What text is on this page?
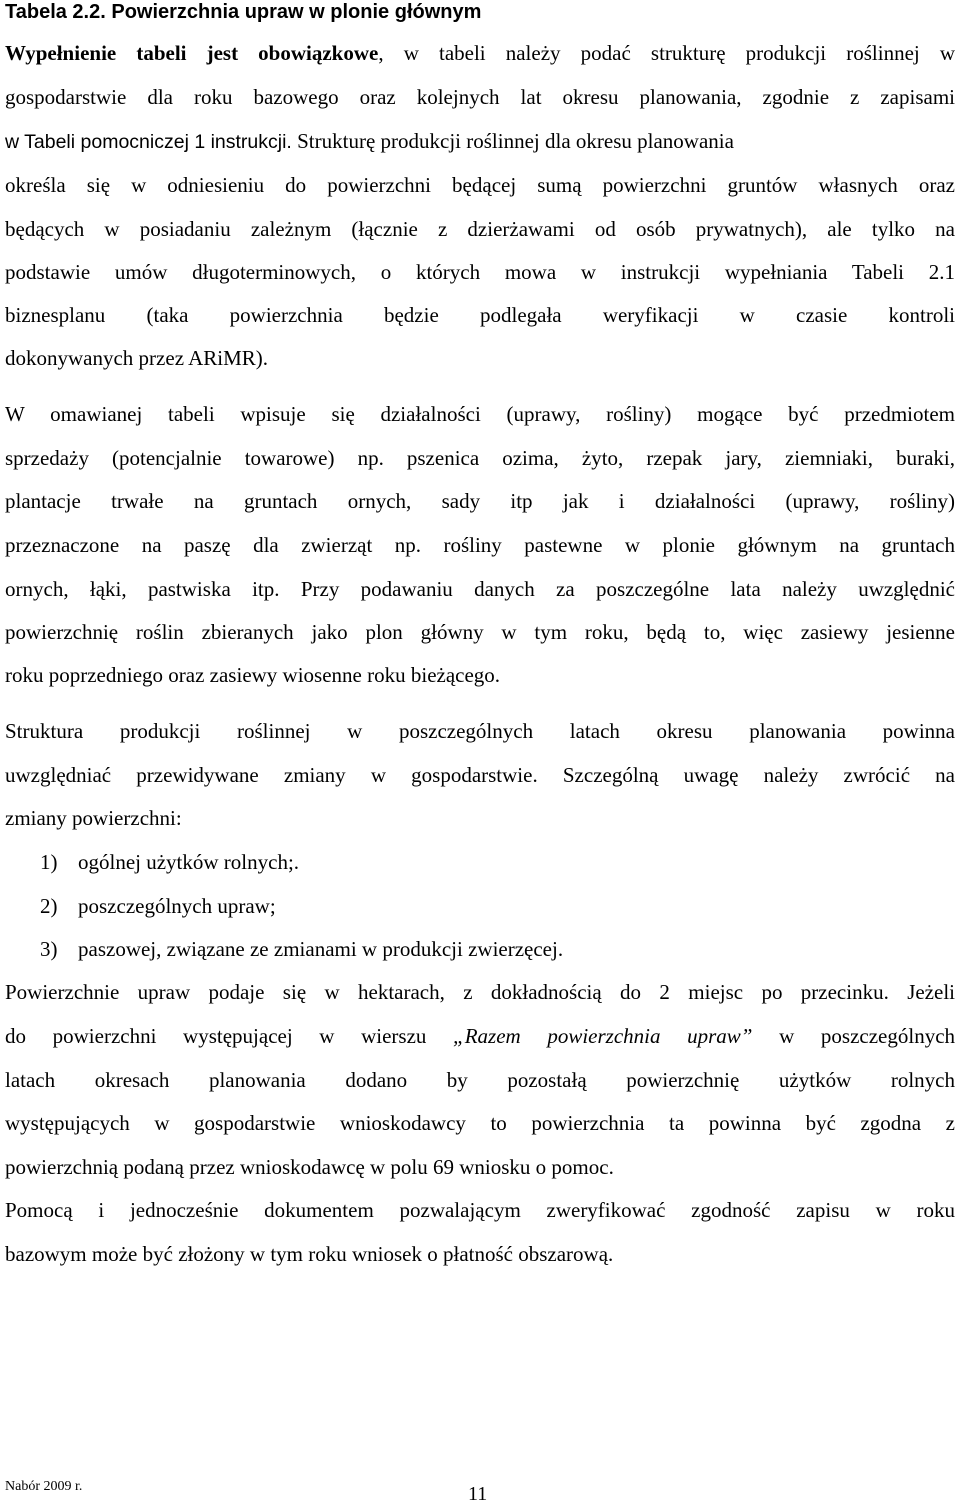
Tabela 2.2. Powierzchnia upraw w plonie głównym
Wypełnienie tabeli jest obowiązkowe, w tabeli należy podać strukturę produkcji roślinnej w
gospodarstwie dla roku bazowego oraz kolejnych lat okresu planowania, zgodnie z zapisami
w Tabeli pomocniczej 1 instrukcji. Strukturę produkcji roślinnej dla okresu planowania
określa się w odniesieniu do powierzchni będącej sumą powierzchni gruntów własnych oraz
będących w posiadaniu zależnym (łącznie z dzierżawami od osób prywatnych), ale tylko na
podstawie umów długoterminowych, o których mowa w instrukcji wypełniania Tabeli 2.1
biznesplanu (taka powierzchnia będzie podlegała weryfikacji w czasie kontroli
dokonywanych przez ARiMR).
W omawianej tabeli wpisuje się działalności (uprawy, rośliny) mogące być przedmiotem
sprzedaży (potencjalnie towarowe) np. pszenica ozima, żyto, rzepak jary, ziemniaki, buraki,
plantacje trwałe na gruntach ornych, sady itp jak i działalności (uprawy, rośliny)
przeznaczone na paszę dla zwierząt np. rośliny pastewne w plonie głównym na gruntach
ornych, łąki, pastwiska itp. Przy podawaniu danych za poszczególne lata należy uwzględnić
powierzchnię roślin zbieranych jako plon główny w tym roku, będą to, więc zasiewy jesienne
roku poprzedniego oraz zasiewy wiosenne roku bieżącego.
Struktura produkcji roślinnej w poszczególnych latach okresu planowania powinna
uwzględniać przewidywane zmiany w gospodarstwie. Szczególną uwagę należy zwrócić na
zmiany powierzchni:
1) ogólnej użytków rolnych;.
2) poszczególnych upraw;
3) paszowej, związane ze zmianami w produkcji zwierzęcej.
Powierzchnie upraw podaje się w hektarach, z dokładnością do 2 miejsc po przecinku. Jeżeli
do powierzchni występującej w wierszu „Razem powierzchnia upraw” w poszczególnych
latach okresach planowania dodano by pozostałą powierzchnię użytków rolnych
występujących w gospodarstwie wnioskodawcy to powierzchnia ta powinna być zgodna z
powierzchnią podaną przez wnioskodawcę w polu 69 wniosku o pomoc.
Pomocą i jednocześnie dokumentem pozwalającym zweryfikować zgodność zapisu w roku
bazowym może być złożony w tym roku wniosek o płatność obszarową.
Nabór 2009 r.	11
